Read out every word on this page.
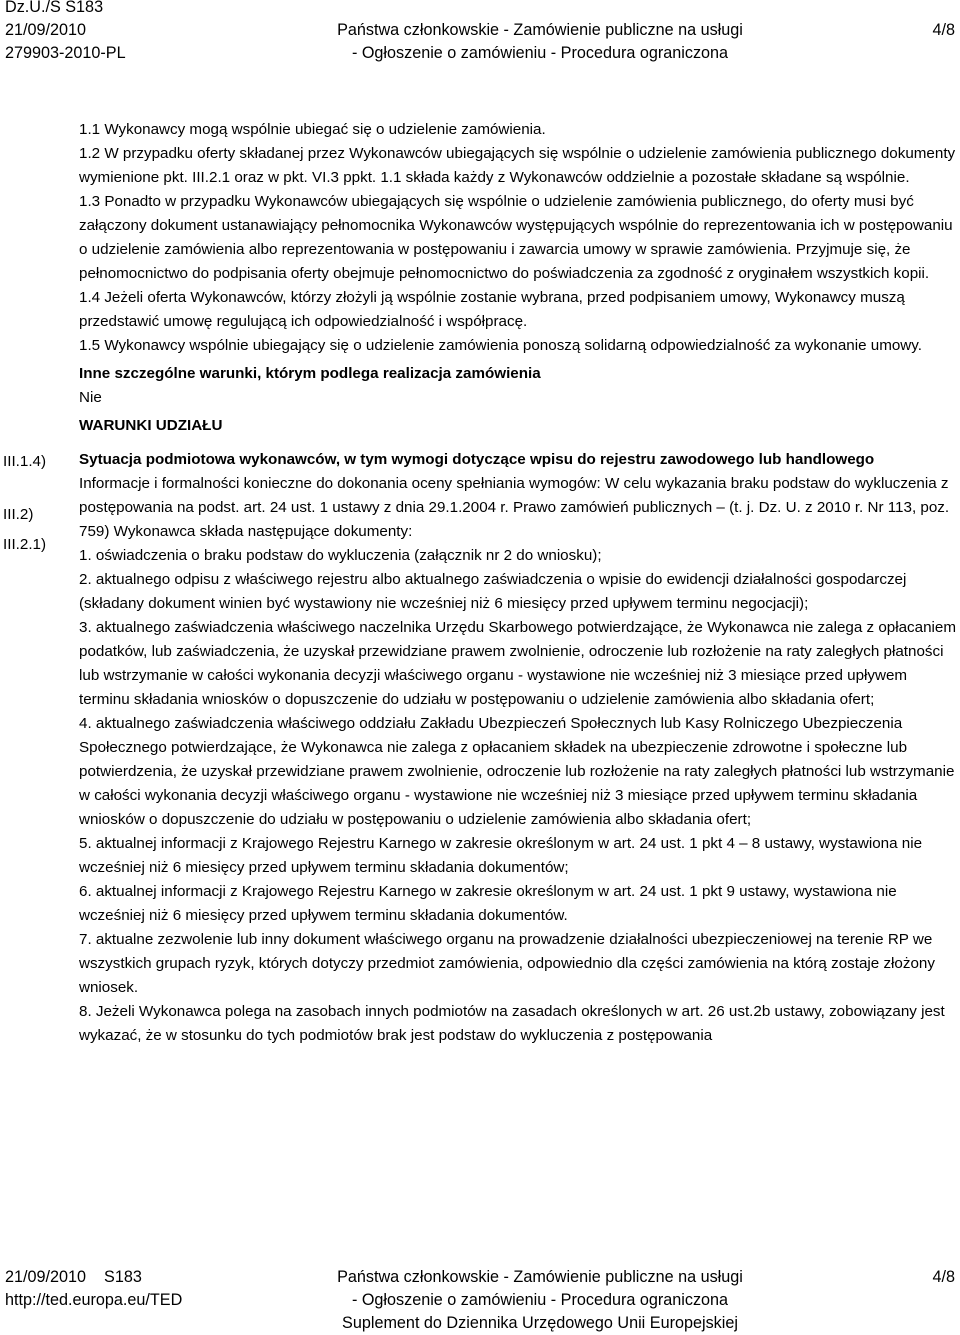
Dz.U./S S183
21/09/2010
279903-2010-PL
Państwa członkowskie - Zamówienie publiczne na usługi
- Ogłoszenie o zamówieniu - Procedura ograniczona
4/8
III.1.4)
III.2)
III.2.1)

1.1 Wykonawcy mogą wspólnie ubiegać się o udzielenie zamówienia.

1.2 W przypadku oferty składanej przez Wykonawców ubiegających się wspólnie o udzielenie zamówienia publicznego dokumenty wymienione pkt. III.2.1 oraz w pkt. VI.3 ppkt. 1.1 składa każdy z Wykonawców oddzielnie a pozostałe składane są wspólnie.

1.3 Ponadto w przypadku Wykonawców ubiegających się wspólnie o udzielenie zamówienia publicznego, do oferty musi być załączony dokument ustanawiający pełnomocnika Wykonawców występujących wspólnie do reprezentowania ich w postępowaniu o udzielenie zamówienia albo reprezentowania w postępowaniu i zawarcia umowy w sprawie zamówienia. Przyjmuje się, że pełnomocnictwo do podpisania oferty obejmuje pełnomocnictwo do poświadczenia za zgodność z oryginałem wszystkich kopii.

1.4 Jeżeli oferta Wykonawców, którzy złożyli ją wspólnie zostanie wybrana, przed podpisaniem umowy, Wykonawcy muszą przedstawić umowę regulującą ich odpowiedzialność i współpracę.

1.5 Wykonawcy wspólnie ubiegający się o udzielenie zamówienia ponoszą solidarną odpowiedzialność za wykonanie umowy.

Inne szczególne warunki, którym podlega realizacja zamówienia

Nie

WARUNKI UDZIAŁU

Sytuacja podmiotowa wykonawców, w tym wymogi dotyczące wpisu do rejestru zawodowego lub handlowego

Informacje i formalności konieczne do dokonania oceny spełniania wymogów: W celu wykazania braku podstaw do wykluczenia z postępowania na podst. art. 24 ust. 1 ustawy z dnia 29.1.2004 r. Prawo zamówień publicznych – (t. j. Dz. U. z 2010 r. Nr 113, poz. 759) Wykonawca składa następujące dokumenty:

1. oświadczenia o braku podstaw do wykluczenia (załącznik nr 2 do wniosku);

2. aktualnego odpisu z właściwego rejestru albo aktualnego zaświadczenia o wpisie do ewidencji działalności gospodarczej (składany dokument winien być wystawiony nie wcześniej niż 6 miesięcy przed upływem terminu negocjacji);

3. aktualnego zaświadczenia właściwego naczelnika Urzędu Skarbowego potwierdzające, że Wykonawca nie zalega z opłacaniem podatków, lub zaświadczenia, że uzyskał przewidziane prawem zwolnienie, odroczenie lub rozłożenie na raty zaległych płatności lub wstrzymanie w całości wykonania decyzji właściwego organu - wystawione nie wcześniej niż 3 miesiące przed upływem terminu składania wniosków o dopuszczenie do udziału w postępowaniu o udzielenie zamówienia albo składania ofert;

4. aktualnego zaświadczenia właściwego oddziału Zakładu Ubezpieczeń Społecznych lub Kasy Rolniczego Ubezpieczenia Społecznego potwierdzające, że Wykonawca nie zalega z opłacaniem składek na ubezpieczenie zdrowotne i społeczne lub potwierdzenia, że uzyskał przewidziane prawem zwolnienie, odroczenie lub rozłożenie na raty zaległych płatności lub wstrzymanie w całości wykonania decyzji właściwego organu - wystawione nie wcześniej niż 3 miesiące przed upływem terminu składania wniosków o dopuszczenie do udziału w postępowaniu o udzielenie zamówienia albo składania ofert;

5. aktualnej informacji z Krajowego Rejestru Karnego w zakresie określonym w art. 24 ust. 1 pkt 4 – 8 ustawy, wystawiona nie wcześniej niż 6 miesięcy przed upływem terminu składania dokumentów;

6. aktualnej informacji z Krajowego Rejestru Karnego w zakresie określonym w art. 24 ust. 1 pkt 9 ustawy, wystawiona nie wcześniej niż 6 miesięcy przed upływem terminu składania dokumentów.

7. aktualne zezwolenie lub inny dokument właściwego organu na prowadzenie działalności ubezpieczeniowej na terenie RP we wszystkich grupach ryzyk, których dotyczy przedmiot zamówienia, odpowiednio dla części zamówienia na którą zostaje złożony wniosek.

8. Jeżeli Wykonawca polega na zasobach innych podmiotów na zasadach określonych w art. 26 ust.2b ustawy, zobowiązany jest wykazać, że w stosunku do tych podmiotów brak jest podstaw do wykluczenia z postępowania

21/09/2010 S183
http://ted.europa.eu/TED
Państwa członkowskie - Zamówienie publiczne na usługi
- Ogłoszenie o zamówieniu - Procedura ograniczona
Suplement do Dziennika Urzędowego Unii Europejskiej
4/8
